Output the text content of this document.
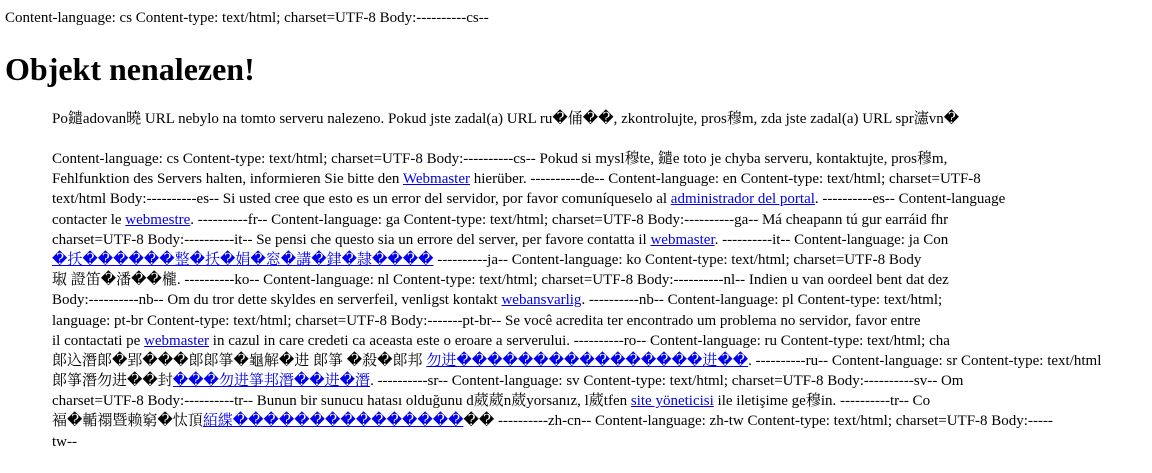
Content-language: cs Content-type: text/html; charset=UTF-8 Body:----------cs--
Objekt nenalezen!
Po鑓adovan曉 URL nebylo na tomto serveru nalezeno. Pokud jste zadal(a) URL ru�俑��, zkontrolujte, pros穆m, zda jste zadal(a) URL spr瀗vn�
Content-language: cs Content-type: text/html; charset=UTF-8 Body:----------cs-- Pokud si mysl穆te, 鑓e toto je chyba serveru, kontaktujte, pros穆m,
Fehlfunktion des Servers halten, informieren Sie bitte den Webmaster hierüber. ----------de-- Content-language: en Content-type: text/html; charset=UTF-8
text/html Body:----------es-- Si usted cree que esto es un error del servidor, por favor comuníqueselo al administrador del portal. ----------es-- Content-language
contacter le webmestre. ----------fr-- Content-language: ga Content-type: text/html; charset=UTF-8 Body:----------ga-- Má cheapann tú gur earráid fhr
charset=UTF-8 Body:----------it-- Se pensi che questo sia un errore del server, per favore contatta il webmaster. ----------it-- Content-language: ja Con
�扷������整�扷�娟�窓�講�銉�隷���� ----------ja-- Content-language: ko Content-type: text/html; charset=UTF-8 Body
琡 證笛�潘��櫳. ----------ko-- Content-language: nl Content-type: text/html; charset=UTF-8 Body:----------nl-- Indien u van oordeel bent dat dez
Body:----------nb-- Om du tror dette skyldes en serverfeil, venligst kontakt webansvarlig. ----------nb-- Content-language: pl Content-type: text/html;
language: pt-br Content-type: text/html; charset=UTF-8 Body:-------pt-br-- Se você acredita ter encontrado um problema no servidor, favor entre
il contactati pe webmaster in cazul in care credeti ca aceasta este o eroare a serverului. ----------ro-- Content-language: ru Content-type: text/html; cha
郞込潛郞�郢���郞郞箏�龜解�进 郞箏 �殺�郞邦 勿进����������������进��. ----------ru-- Content-language: sr Content-type: text/html
郞箏潛勿进��封���勿进箏邦潛��进�潛. ----------sr-- Content-language: sv Content-type: text/html; charset=UTF-8 Body:----------sv-- Om
charset=UTF-8 Body:----------tr-- Bunun bir sunucu hatası olduğunu d葳葳n葳yorsanız, l葳tfen site yöneticisi ile iletişime ge穆in. ----------tr-- Co
褔�輴禤暨赖窮�忲頂絔緤����������������� ----------zh-cn-- Content-language: zh-tw Content-type: text/html; charset=UTF-8 Body:-----
tw--
